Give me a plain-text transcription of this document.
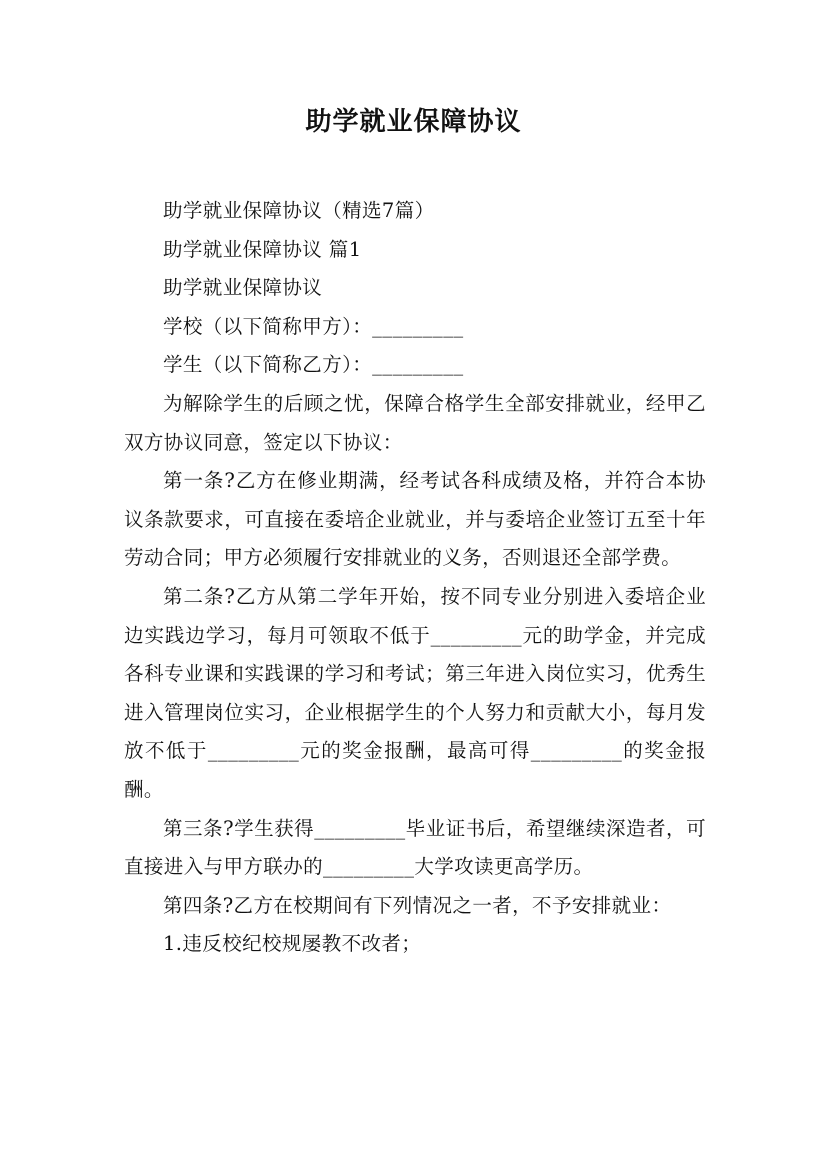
助学就业保障协议

助学就业保障协议（精选7篇）

助学就业保障协议 篇1

助学就业保障协议

学校（以下简称甲方）：_________

学生（以下简称乙方）：_________

为解除学生的后顾之忧，保障合格学生全部安排就业，经甲乙双方协议同意，签定以下协议：

第一条?乙方在修业期满，经考试各科成绩及格，并符合本协议条款要求，可直接在委培企业就业，并与委培企业签订五至十年劳动合同；甲方必须履行安排就业的义务，否则退还全部学费。

第二条?乙方从第二学年开始，按不同专业分别进入委培企业边实践边学习，每月可领取不低于_________元的助学金，并完成各科专业课和实践课的学习和考试；第三年进入岗位实习，优秀生进入管理岗位实习，企业根据学生的个人努力和贡献大小，每月发放不低于_________元的奖金报酬，最高可得_________的奖金报酬。

第三条?学生获得_________毕业证书后，希望继续深造者，可直接进入与甲方联办的_________大学攻读更高学历。

第四条?乙方在校期间有下列情况之一者，不予安排就业：

1.违反校纪校规屡教不改者；
